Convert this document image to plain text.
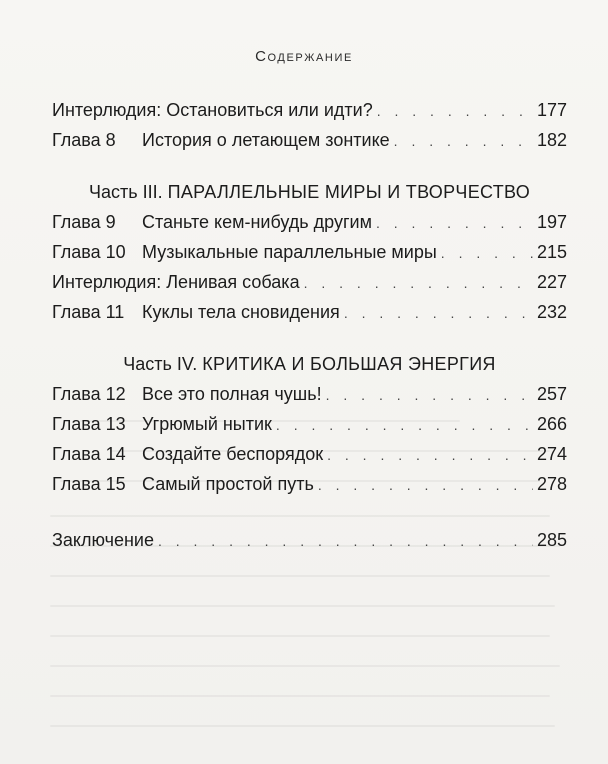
Содержание
Интерлюдия: Остановиться или идти? . . .	177
Глава 8 История о летающем зонтике . . .	182
Часть III. ПАРАЛЛЕЛЬНЫЕ МИРЫ И ТВОРЧЕСТВО
Глава 9 Станьте кем-нибудь другим . . .	197
Глава 10 Музыкальные параллельные миры . . .	215
Интерлюдия: Ленивая собака . . .	227
Глава 11 Куклы тела сновидения . . .	232
Часть IV. КРИТИКА И БОЛЬШАЯ ЭНЕРГИЯ
Глава 12 Все это полная чушь! . . .	257
Глава 13 Угрюмый нытик . . .	266
Глава 14 Создайте беспорядок . . .	274
Глава 15 Самый простой путь . . .	278
Заключение . . .	285
